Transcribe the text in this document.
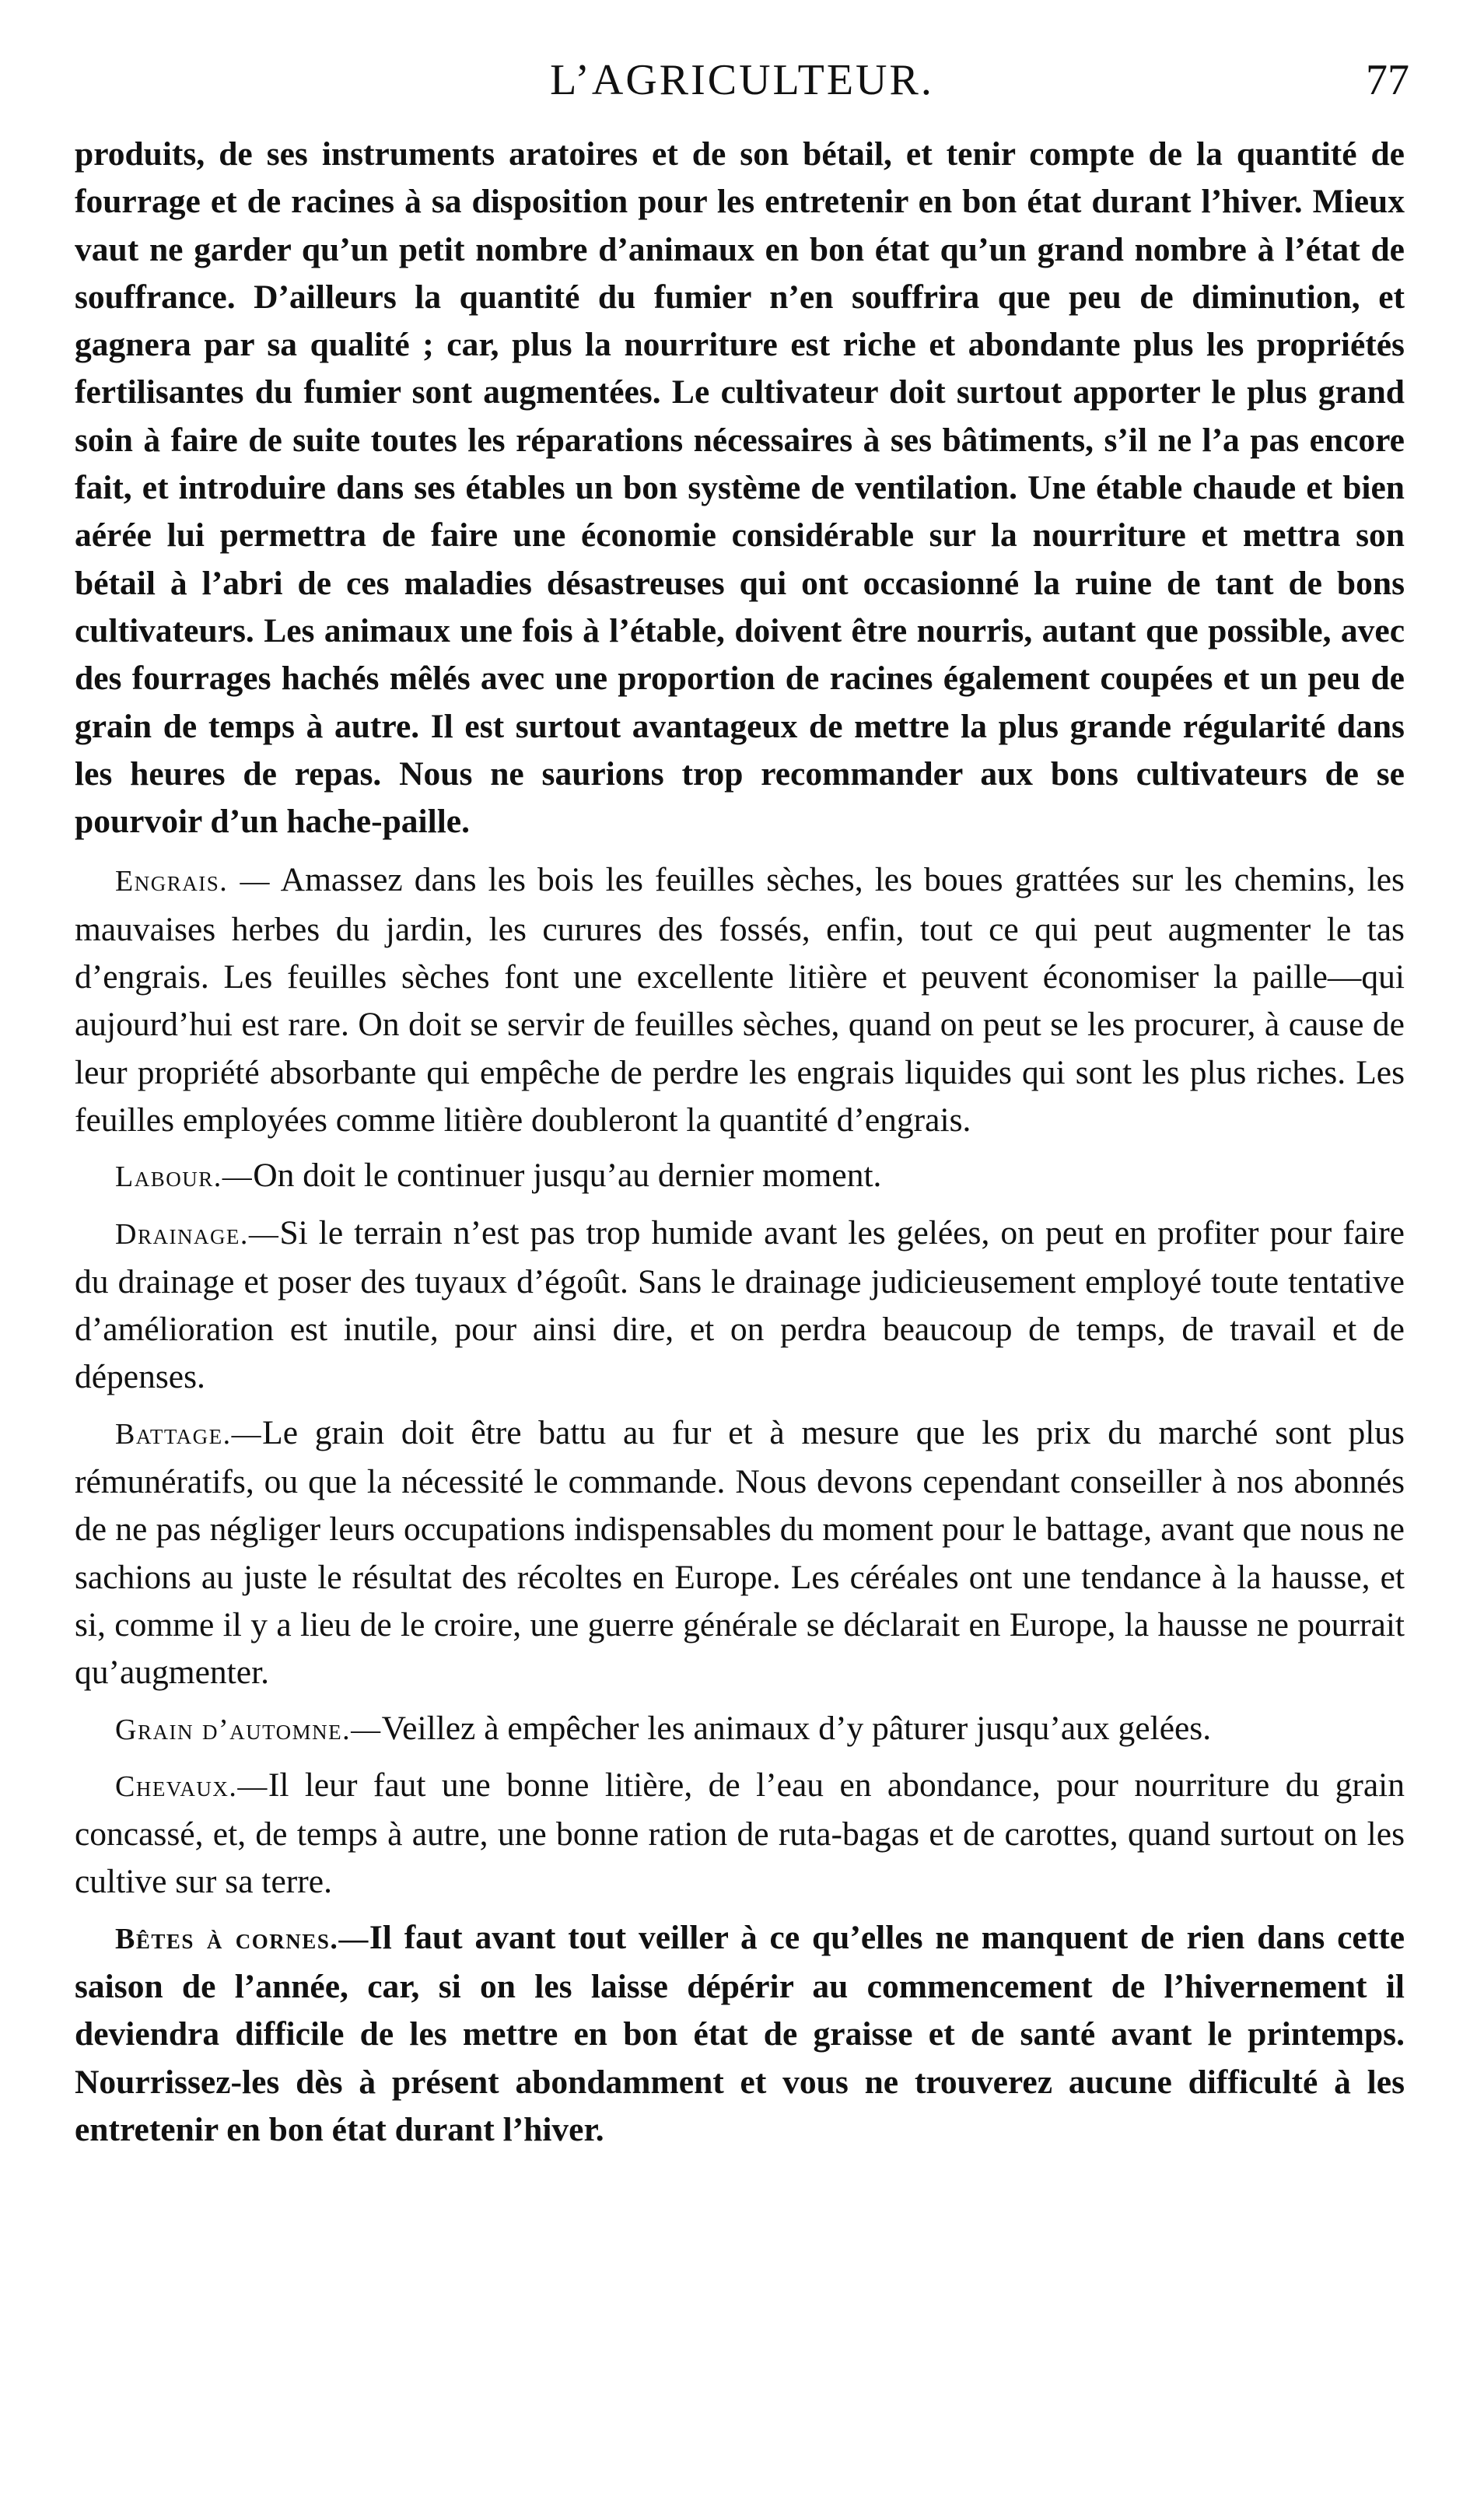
L’AGRICULTEUR.	77

produits, de ses instruments aratoires et de son bétail, et tenir compte de la quantité de fourrage et de racines à sa disposition pour les entretenir en bon état durant l’hiver. Mieux vaut ne garder qu’un petit nombre d’animaux en bon état qu’un grand nombre à l’état de souffrance. D’ailleurs la quantité du fumier n’en souffrira que peu de diminution, et gagnera par sa qualité ; car, plus la nourriture est riche et abondante plus les propriétés fertilisantes du fumier sont augmentées. Le cultivateur doit surtout apporter le plus grand soin à faire de suite toutes les réparations nécessaires à ses bâtiments, s’il ne l’a pas encore fait, et introduire dans ses étables un bon système de ventilation. Une étable chaude et bien aérée lui permettra de faire une économie considérable sur la nourriture et mettra son bétail à l’abri de ces maladies désastreuses qui ont occasionné la ruine de tant de bons cultivateurs. Les animaux une fois à l’étable, doivent être nourris, autant que possible, avec des fourrages hachés mêlés avec une proportion de racines également coupées et un peu de grain de temps à autre. Il est surtout avantageux de mettre la plus grande régularité dans les heures de repas. Nous ne saurions trop recommander aux bons cultivateurs de se pourvoir d’un hache-paille.

Engrais. — Amassez dans les bois les feuilles sèches, les boues grattées sur les chemins, les mauvaises herbes du jardin, les curures des fossés, enfin, tout ce qui peut augmenter le tas d’engrais. Les feuilles sèches font une excellente litière et peuvent économiser la paille—qui aujourd’hui est rare. On doit se servir de feuilles sèches, quand on peut se les procurer, à cause de leur propriété absorbante qui empêche de perdre les engrais liquides qui sont les plus riches. Les feuilles employées comme litière doubleront la quantité d’engrais.

Labour.—On doit le continuer jusqu’au dernier moment.

Drainage.—Si le terrain n’est pas trop humide avant les gelées, on peut en profiter pour faire du drainage et poser des tuyaux d’égoût. Sans le drainage judicieusement employé toute tentative d’amélioration est inutile, pour ainsi dire, et on perdra beaucoup de temps, de travail et de dépenses.

Battage.—Le grain doit être battu au fur et à mesure que les prix du marché sont plus rémunératifs, ou que la nécessité le commande. Nous devons cependant conseiller à nos abonnés de ne pas négliger leurs occupations indispensables du moment pour le battage, avant que nous ne sachions au juste le résultat des récoltes en Europe. Les céréales ont une tendance à la hausse, et si, comme il y a lieu de le croire, une guerre générale se déclarait en Europe, la hausse ne pourrait qu’augmenter.

Grain d’automne.—Veillez à empêcher les animaux d’y pâturer jusqu’aux gelées.

Chevaux.—Il leur faut une bonne litière, de l’eau en abondance, pour nourriture du grain concassé, et, de temps à autre, une bonne ration de ruta-bagas et de carottes, quand surtout on les cultive sur sa terre.

Bêtes à cornes.—Il faut avant tout veiller à ce qu’elles ne manquent de rien dans cette saison de l’année, car, si on les laisse dépérir au commencement de l’hivernement il deviendra difficile de les mettre en bon état de graisse et de santé avant le printemps. Nourrissez-les dès à présent abondamment et vous ne trouverez aucune difficulté à les entretenir en bon état durant l’hiver.
